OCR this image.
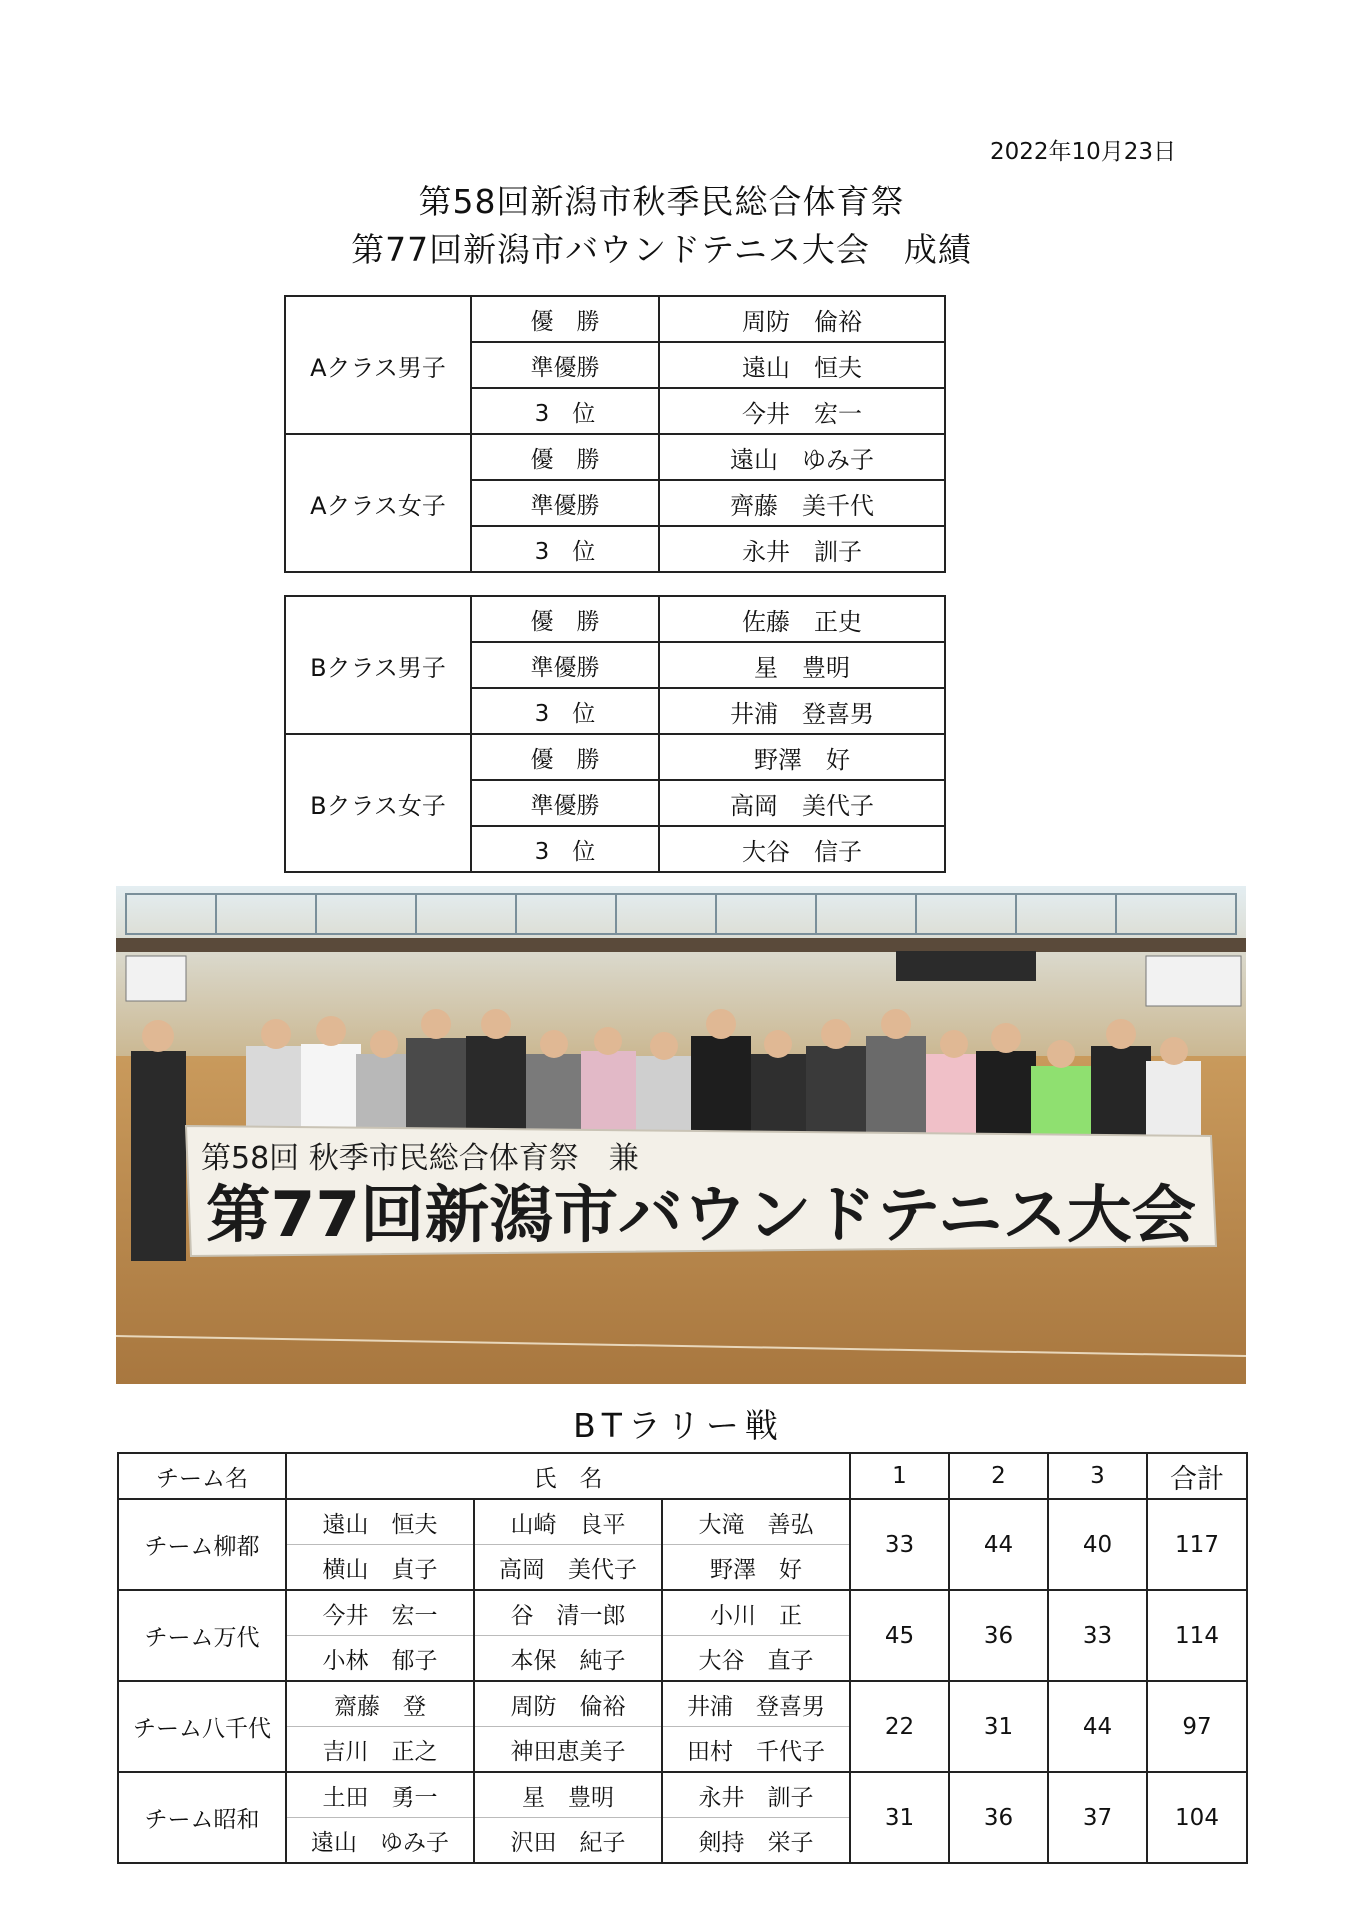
2022年10月23日
第58回新潟市秋季民総合体育祭
第77回新潟市バウンドテニス大会　成績
Aクラス男子	優　勝	周防　倫裕
	準優勝	遠山　恒夫
	3　位	今井　宏一
Aクラス女子	優　勝	遠山　ゆみ子
	準優勝	齊藤　美千代
	3　位	永井　訓子
Bクラス男子	優　勝	佐藤　正史
	準優勝	星　豊明
	3　位	井浦　登喜男
Bクラス女子	優　勝	野澤　好
	準優勝	高岡　美代子
	3　位	大谷　信子
第58回 秋季市民総合体育祭　兼
第77回新潟市バウンドテニス大会
BTラリー戦
チーム名	氏　名			1	2	3	合計
チーム柳都	遠山　恒夫	山崎　良平	大滝　善弘	33	44	40	117
	横山　貞子	高岡　美代子	野澤　好				
チーム万代	今井　宏一	谷　清一郎	小川　正	45	36	33	114
	小林　郁子	本保　純子	大谷　直子				
チーム八千代	齋藤　登	周防　倫裕	井浦　登喜男	22	31	44	97
	吉川　正之	神田恵美子	田村　千代子				
チーム昭和	土田　勇一	星　豊明	永井　訓子	31	36	37	104
	遠山　ゆみ子	沢田　紀子	剣持　栄子				
